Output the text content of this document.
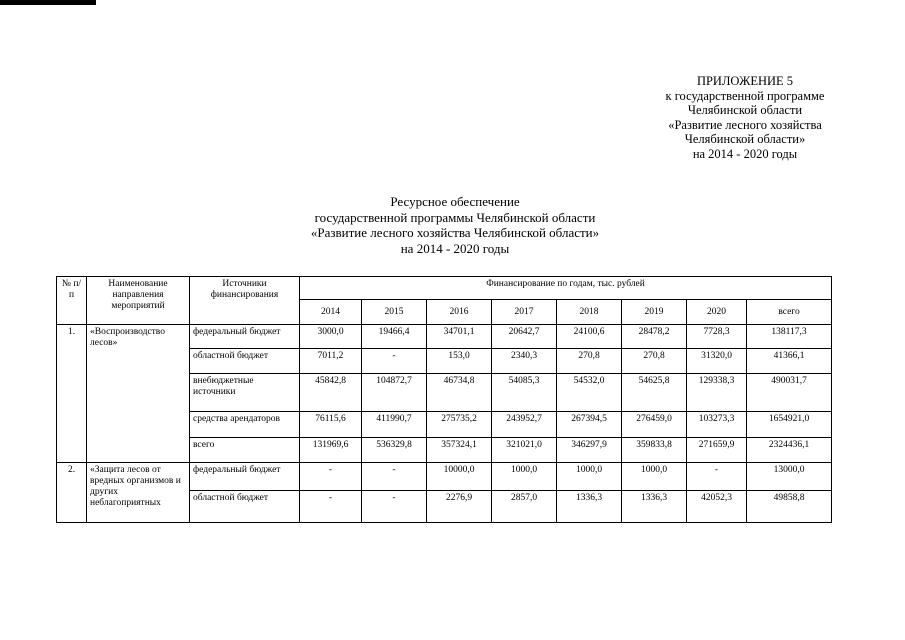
ПРИЛОЖЕНИЕ 5
к государственной программе
Челябинской области
«Развитие лесного хозяйства
Челябинской области»
на 2014 - 2020 годы
Ресурсное обеспечение
государственной программы Челябинской области
«Развитие лесного хозяйства Челябинской области»
на 2014 - 2020 годы
№ п/п	Наименование направления мероприятий	Источники финансирования	Финансирование по годам, тыс. рублей							
			2014	2015	2016	2017	2018	2019	2020	всего
1.	«Воспроизводство лесов»	федеральный бюджет	3000,0	19466,4	34701,1	20642,7	24100,6	28478,2	7728,3	138117,3
		областной бюджет	7011,2	-	153,0	2340,3	270,8	270,8	31320,0	41366,1
		внебюджетные источники	45842,8	104872,7	46734,8	54085,3	54532,0	54625,8	129338,3	490031,7
		средства арендаторов	76115,6	411990,7	275735,2	243952,7	267394,5	276459,0	103273,3	1654921,0
		всего	131969,6	536329,8	357324,1	321021,0	346297,9	359833,8	271659,9	2324436,1
2.	«Защита лесов от вредных организмов и других неблагоприятных	федеральный бюджет	-	-	10000,0	1000,0	1000,0	1000,0	-	13000,0
		областной бюджет	-	-	2276,9	2857,0	1336,3	1336,3	42052,3	49858,8
